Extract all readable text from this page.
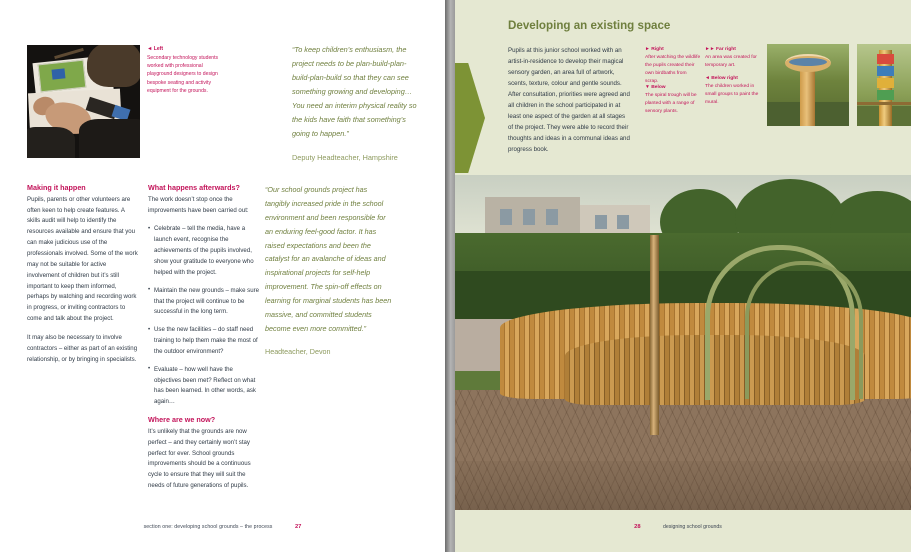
◄ Left
Secondary technology students worked with professional playground designers to design bespoke seating and activity equipment for the grounds.
“To keep children’s enthusiasm, the project needs to be plan-build-plan-build-plan-build so that they can see something growing and developing… You need an interim physical reality so the kids have faith that something’s going to happen.”
Deputy Headteacher, Hampshire
Making it happen

Pupils, parents or other volunteers are often keen to help create features. A skills audit will help to identify the resources available and ensure that you can make judicious use of the professionals involved. Some of the work may not be suitable for active involvement of children but it’s still important to keep them informed, perhaps by watching and recording work in progress, or inviting contractors to come and talk about the project.

It may also be necessary to involve contractors – either as part of an existing relationship, or by bringing in specialists.

What happens afterwards?

The work doesn’t stop once the improvements have been carried out:

• Celebrate – tell the media, have a launch event, recognise the achievements of the pupils involved, show your gratitude to everyone who helped with the project.
• Maintain the new grounds – make sure that the project will continue to be successful in the long term.
• Use the new facilities – do staff need training to help them make the most of the outdoor environment?
• Evaluate – how well have the objectives been met? Reflect on what has been learned. In other words, ask again…
Where are we now?

It’s unlikely that the grounds are now perfect – and they certainly won’t stay perfect for ever. School grounds improvements should be a continuous cycle to ensure that they will suit the needs of future generations of pupils.

“Our school grounds project has tangibly increased pride in the school environment and been responsible for an enduring feel-good factor. It has raised expectations and been the catalyst for an avalanche of ideas and inspirational projects for self-help improvement. The spin-off effects on learning for marginal students has been massive, and committed students become even more committed.”
Headteacher, Devon
section one: developing school grounds – the process	27
Developing an existing space
Pupils at this junior school worked with an artist-in-residence to develop their magical sensory garden, an area full of artwork, scents, texture, colour and gentle sounds. After consultation, priorities were agreed and all children in the school participated in at least one aspect of the garden at all stages of the project. They were able to record their thoughts and ideas in a communal ideas and progress book.
► Right
After watching the wildlife the pupils created their own birdbaths from scrap.
▼ Below
The spiral trough will be planted with a range of sensory plants.
►► Far right
An area was created for temporary art.
◄ Below right
The children worked in small groups to paint the mural.
28	designing school grounds
